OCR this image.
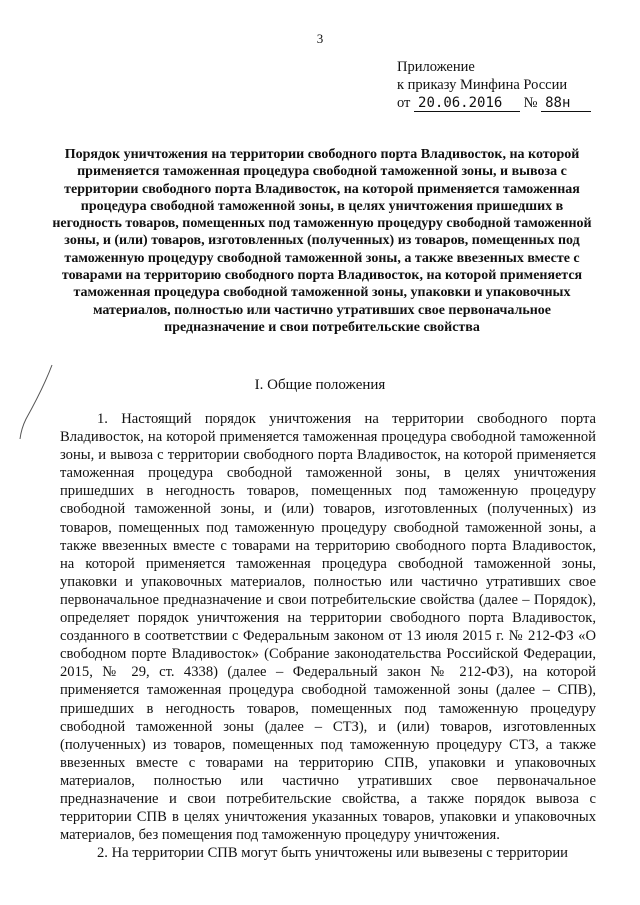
3
Приложение
к приказу Минфина России
от 20.06.2016 № 88н
Порядок уничтожения на территории свободного порта Владивосток, на которой применяется таможенная процедура свободной таможенной зоны, и вывоза с территории свободного порта Владивосток, на которой применяется таможенная процедура свободной таможенной зоны, в целях уничтожения пришедших в негодность товаров, помещенных под таможенную процедуру свободной таможенной зоны, и (или) товаров, изготовленных (полученных) из товаров, помещенных под таможенную процедуру свободной таможенной зоны, а также ввезенных вместе с товарами на территорию свободного порта Владивосток, на которой применяется таможенная процедура свободной таможенной зоны, упаковки и упаковочных материалов, полностью или частично утративших свое первоначальное предназначение и свои потребительские свойства
I. Общие положения

1. Настоящий порядок уничтожения на территории свободного порта Владивосток, на которой применяется таможенная процедура свободной таможенной зоны, и вывоза с территории свободного порта Владивосток, на которой применяется таможенная процедура свободной таможенной зоны, в целях уничтожения пришедших в негодность товаров, помещенных под таможенную процедуру свободной таможенной зоны, и (или) товаров, изготовленных (полученных) из товаров, помещенных под таможенную процедуру свободной таможенной зоны, а также ввезенных вместе с товарами на территорию свободного порта Владивосток, на которой применяется таможенная процедура свободной таможенной зоны, упаковки и упаковочных материалов, полностью или частично утративших свое первоначальное предназначение и свои потребительские свойства (далее – Порядок), определяет порядок уничтожения на территории свободного порта Владивосток, созданного в соответствии с Федеральным законом от 13 июля 2015 г. № 212-ФЗ «О свободном порте Владивосток» (Собрание законодательства Российской Федерации, 2015, № 29, ст. 4338) (далее – Федеральный закон № 212-ФЗ), на которой применяется таможенная процедура свободной таможенной зоны (далее – СПВ), пришедших в негодность товаров, помещенных под таможенную процедуру свободной таможенной зоны (далее – СТЗ), и (или) товаров, изготовленных (полученных) из товаров, помещенных под таможенную процедуру СТЗ, а также ввезенных вместе с товарами на территорию СПВ, упаковки и упаковочных материалов, полностью или частично утративших свое первоначальное предназначение и свои потребительские свойства, а также порядок вывоза с территории СПВ в целях уничтожения указанных товаров, упаковки и упаковочных материалов, без помещения под таможенную процедуру уничтожения.

2. На территории СПВ могут быть уничтожены или вывезены с территории
